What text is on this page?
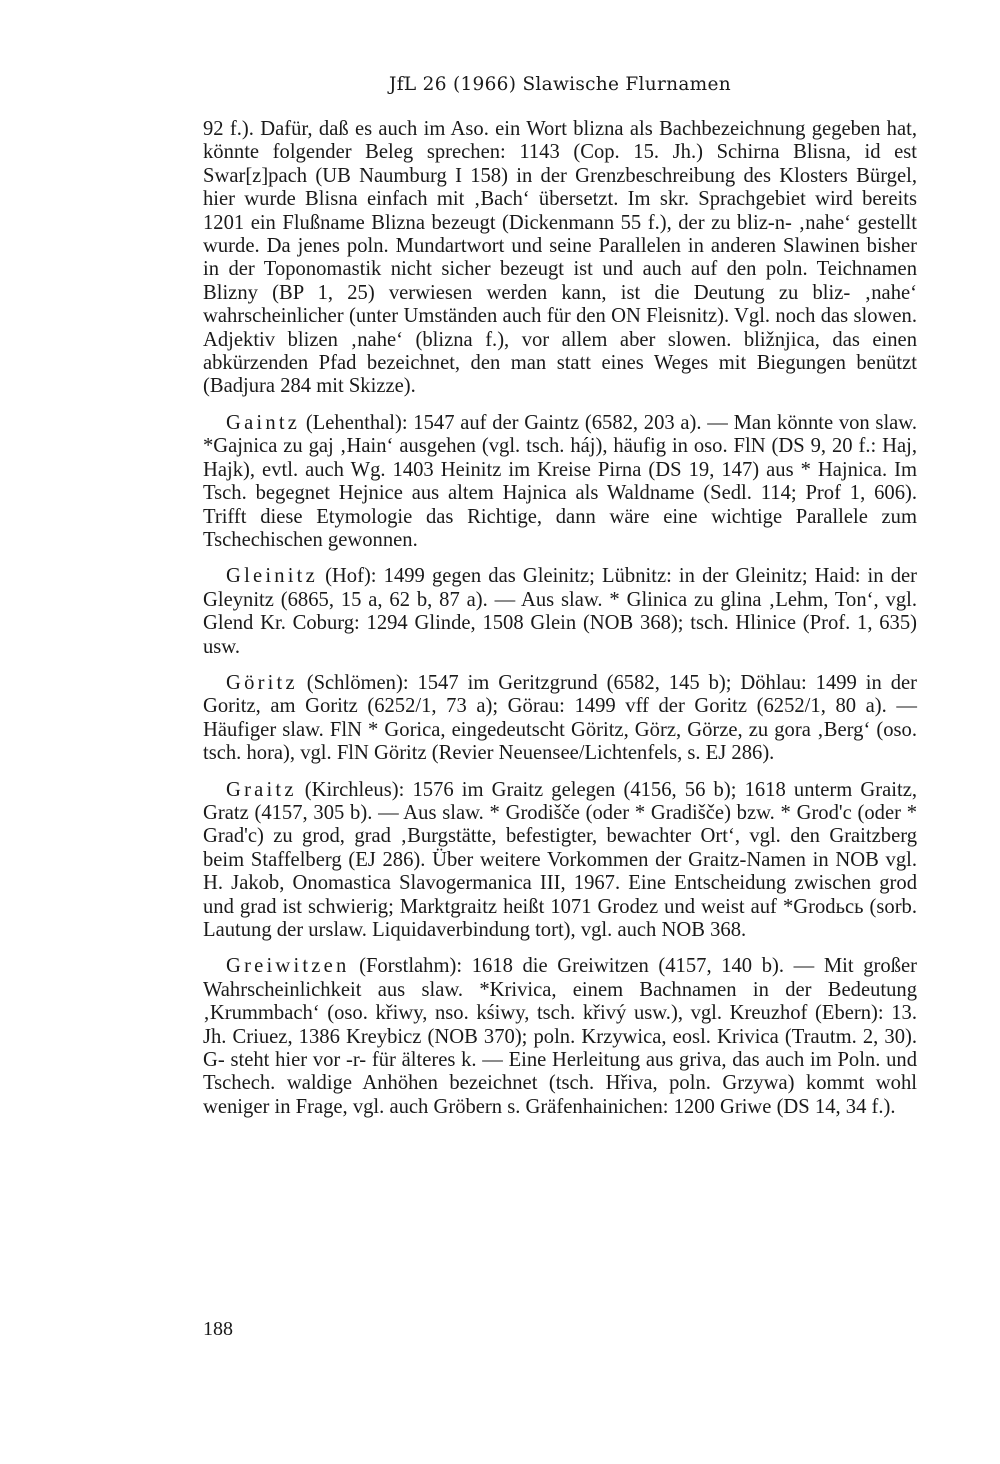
JfL 26 (1966) Slawische Flurnamen
92 f.). Dafür, daß es auch im Aso. ein Wort blizna als Bachbezeichnung gegeben hat, könnte folgender Beleg sprechen: 1143 (Cop. 15. Jh.) Schirna Blisna, id est Swar[z]pach (UB Naumburg I 158) in der Grenzbeschreibung des Klosters Bürgel, hier wurde Blisna einfach mit ‚Bach‘ übersetzt. Im skr. Sprachgebiet wird bereits 1201 ein Flußname Blizna bezeugt (Dickenmann 55 f.), der zu bliz-n- ‚nahe‘ gestellt wurde. Da jenes poln. Mundartwort und seine Parallelen in anderen Slawinen bisher in der Toponomastik nicht sicher bezeugt ist und auch auf den poln. Teichnamen Blizny (BP 1, 25) verwiesen werden kann, ist die Deutung zu bliz- ‚nahe‘ wahrscheinlicher (unter Umständen auch für den ON Fleisnitz). Vgl. noch das slowen. Adjektiv blizen ‚nahe‘ (blizna f.), vor allem aber slowen. bližnjica, das einen abkürzenden Pfad bezeichnet, den man statt eines Weges mit Biegungen benützt (Badjura 284 mit Skizze).
Gaintz (Lehenthal): 1547 auf der Gaintz (6582, 203 a). — Man könnte von slaw. *Gajnica zu gaj ‚Hain‘ ausgehen (vgl. tsch. háj), häufig in oso. FlN (DS 9, 20 f.: Haj, Hajk), evtl. auch Wg. 1403 Heinitz im Kreise Pirna (DS 19, 147) aus * Hajnica. Im Tsch. begegnet Hejnice aus altem Hajnica als Waldname (Sedl. 114; Prof 1, 606). Trifft diese Etymologie das Richtige, dann wäre eine wichtige Parallele zum Tschechischen gewonnen.
Gleinitz (Hof): 1499 gegen das Gleinitz; Lübnitz: in der Gleinitz; Haid: in der Gleynitz (6865, 15 a, 62 b, 87 a). — Aus slaw. * Glinica zu glina ‚Lehm, Ton‘, vgl. Glend Kr. Coburg: 1294 Glinde, 1508 Glein (NOB 368); tsch. Hlinice (Prof. 1, 635) usw.
Göritz (Schlömen): 1547 im Geritzgrund (6582, 145 b); Döhlau: 1499 in der Goritz, am Goritz (6252/1, 73 a); Görau: 1499 vff der Goritz (6252/1, 80 a). — Häufiger slaw. FlN * Gorica, eingedeutscht Göritz, Görz, Görze, zu gora ‚Berg‘ (oso. tsch. hora), vgl. FlN Göritz (Revier Neuensee/Lichtenfels, s. EJ 286).
Graitz (Kirchleus): 1576 im Graitz gelegen (4156, 56 b); 1618 unterm Graitz, Gratz (4157, 305 b). — Aus slaw. * Grodišče (oder * Gradišče) bzw. * Grod'c (oder * Grad'c) zu grod, grad ‚Burgstätte, befestigter, bewachter Ort‘, vgl. den Graitzberg beim Staffelberg (EJ 286). Über weitere Vorkommen der Graitz-Namen in NOB vgl. H. Jakob, Onomastica Slavogermanica III, 1967. Eine Entscheidung zwischen grod und grad ist schwierig; Marktgraitz heißt 1071 Grodez und weist auf *Grodьcь (sorb. Lautung der urslaw. Liquidaverbindung tort), vgl. auch NOB 368.
Greiwitzen (Forstlahm): 1618 die Greiwitzen (4157, 140 b). — Mit großer Wahrscheinlichkeit aus slaw. *Krivica, einem Bachnamen in der Bedeutung ‚Krummbach‘ (oso. křiwy, nso. kśiwy, tsch. křivý usw.), vgl. Kreuzhof (Ebern): 13. Jh. Criuez, 1386 Kreybicz (NOB 370); poln. Krzywica, eosl. Krivica (Trautm. 2, 30). G- steht hier vor -r- für älteres k. — Eine Herleitung aus griva, das auch im Poln. und Tschech. waldige Anhöhen bezeichnet (tsch. Hřiva, poln. Grzywa) kommt wohl weniger in Frage, vgl. auch Gröbern s. Gräfenhainichen: 1200 Griwe (DS 14, 34 f.).
188
